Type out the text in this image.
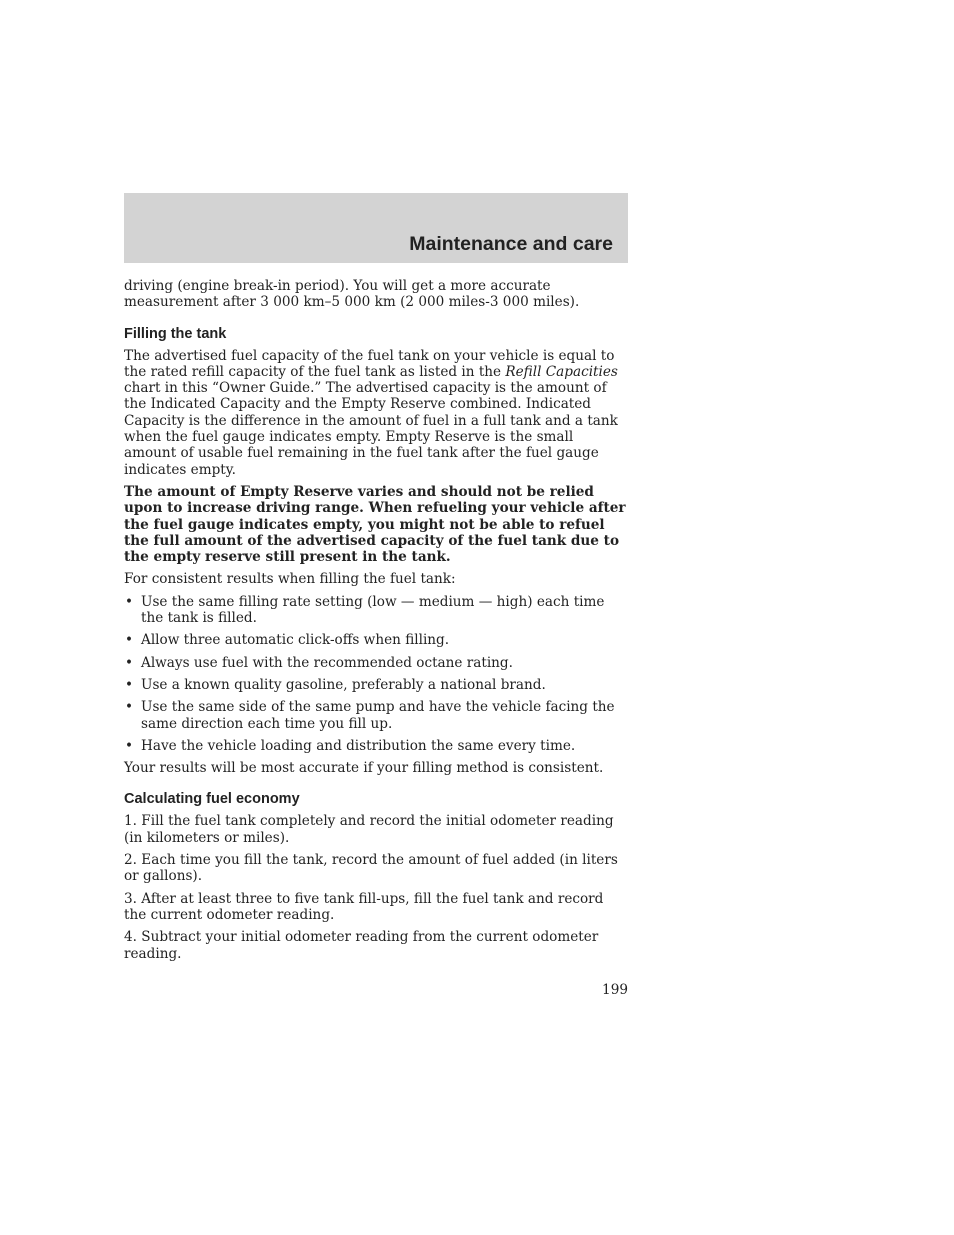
Maintenance and care

driving (engine break-in period). You will get a more accurate measurement after 3 000 km–5 000 km (2 000 miles-3 000 miles).

Filling the tank

The advertised fuel capacity of the fuel tank on your vehicle is equal to the rated refill capacity of the fuel tank as listed in the Refill Capacities chart in this “Owner Guide.” The advertised capacity is the amount of the Indicated Capacity and the Empty Reserve combined. Indicated Capacity is the difference in the amount of fuel in a full tank and a tank when the fuel gauge indicates empty. Empty Reserve is the small amount of usable fuel remaining in the fuel tank after the fuel gauge indicates empty.

The amount of Empty Reserve varies and should not be relied upon to increase driving range. When refueling your vehicle after the fuel gauge indicates empty, you might not be able to refuel the full amount of the advertised capacity of the fuel tank due to the empty reserve still present in the tank.

For consistent results when filling the fuel tank:

• Use the same filling rate setting (low — medium — high) each time the tank is filled.
• Allow three automatic click-offs when filling.
• Always use fuel with the recommended octane rating.
• Use a known quality gasoline, preferably a national brand.
• Use the same side of the same pump and have the vehicle facing the same direction each time you fill up.
• Have the vehicle loading and distribution the same every time.

Your results will be most accurate if your filling method is consistent.

Calculating fuel economy

1. Fill the fuel tank completely and record the initial odometer reading (in kilometers or miles).

2. Each time you fill the tank, record the amount of fuel added (in liters or gallons).

3. After at least three to five tank fill-ups, fill the fuel tank and record the current odometer reading.

4. Subtract your initial odometer reading from the current odometer reading.

199
